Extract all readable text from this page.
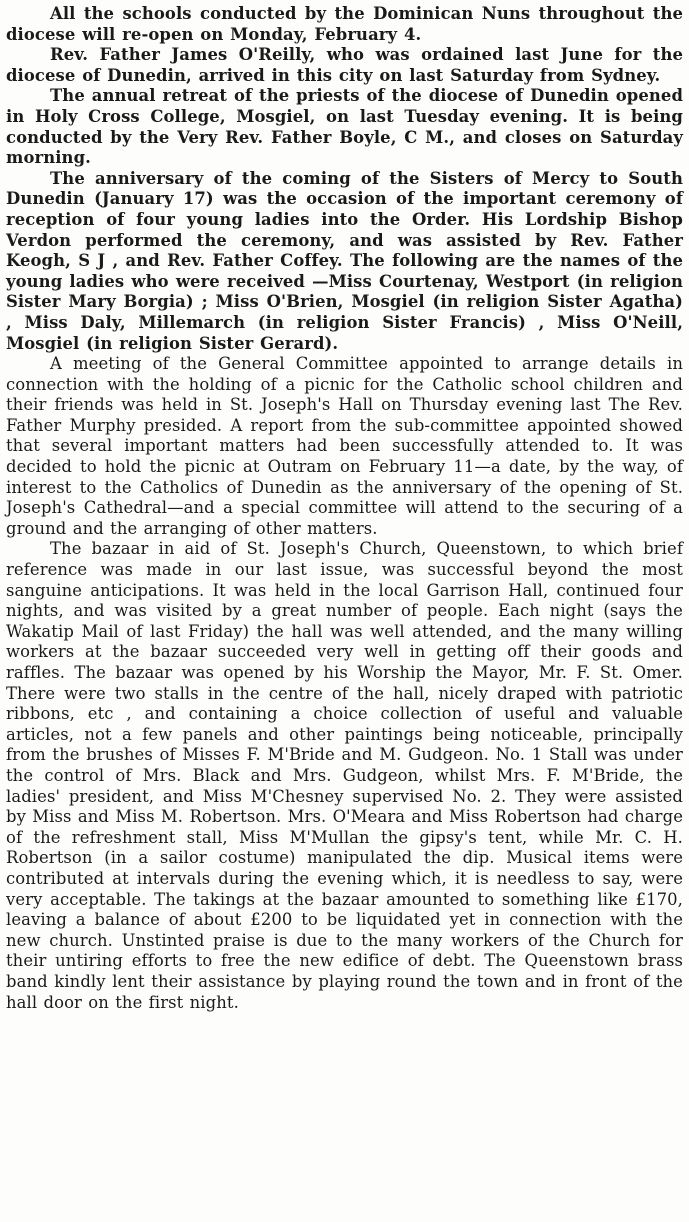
All the schools conducted by the Dominican Nuns throughout the diocese will re-open on Monday, February 4.

Rev. Father James O'Reilly, who was ordained last June for the diocese of Dunedin, arrived in this city on last Saturday from Sydney.

The annual retreat of the priests of the diocese of Dunedin opened in Holy Cross College, Mosgiel, on last Tuesday evening. It is being conducted by the Very Rev. Father Boyle, C M., and closes on Saturday morning.

The anniversary of the coming of the Sisters of Mercy to South Dunedin (January 17) was the occasion of the important ceremony of reception of four young ladies into the Order. His Lordship Bishop Verdon performed the ceremony, and was assisted by Rev. Father Keogh, S J , and Rev. Father Coffey. The following are the names of the young ladies who were received —Miss Courtenay, Westport (in religion Sister Mary Borgia) ; Miss O'Brien, Mosgiel (in religion Sister Agatha) , Miss Daly, Millemarch (in religion Sister Francis) , Miss O'Neill, Mosgiel (in religion Sister Gerard).

A meeting of the General Committee appointed to arrange details in connection with the holding of a picnic for the Catholic school children and their friends was held in St. Joseph's Hall on Thursday evening last The Rev. Father Murphy presided. A report from the sub-committee appointed showed that several important matters had been successfully attended to. It was decided to hold the picnic at Outram on February 11—a date, by the way, of interest to the Catholics of Dunedin as the anniversary of the opening of St. Joseph's Cathedral—and a special committee will attend to the securing of a ground and the arranging of other matters.

The bazaar in aid of St. Joseph's Church, Queenstown, to which brief reference was made in our last issue, was successful beyond the most sanguine anticipations. It was held in the local Garrison Hall, continued four nights, and was visited by a great number of people. Each night (says the Wakatip Mail of last Friday) the hall was well attended, and the many willing workers at the bazaar succeeded very well in getting off their goods and raffles. The bazaar was opened by his Worship the Mayor, Mr. F. St. Omer. There were two stalls in the centre of the hall, nicely draped with patriotic ribbons, etc , and containing a choice collection of useful and valuable articles, not a few panels and other paintings being noticeable, principally from the brushes of Misses F. M'Bride and M. Gudgeon. No. 1 Stall was under the control of Mrs. Black and Mrs. Gudgeon, whilst Mrs. F. M'Bride, the ladies' president, and Miss M'Chesney supervised No. 2. They were assisted by Miss and Miss M. Robertson. Mrs. O'Meara and Miss Robertson had charge of the refreshment stall, Miss M'Mullan the gipsy's tent, while Mr. C. H. Robertson (in a sailor costume) manipulated the dip. Musical items were contributed at intervals during the evening which, it is needless to say, were very acceptable. The takings at the bazaar amounted to something like £170, leaving a balance of about £200 to be liquidated yet in connection with the new church. Unstinted praise is due to the many workers of the Church for their untiring efforts to free the new edifice of debt. The Queenstown brass band kindly lent their assistance by playing round the town and in front of the hall door on the first night.
